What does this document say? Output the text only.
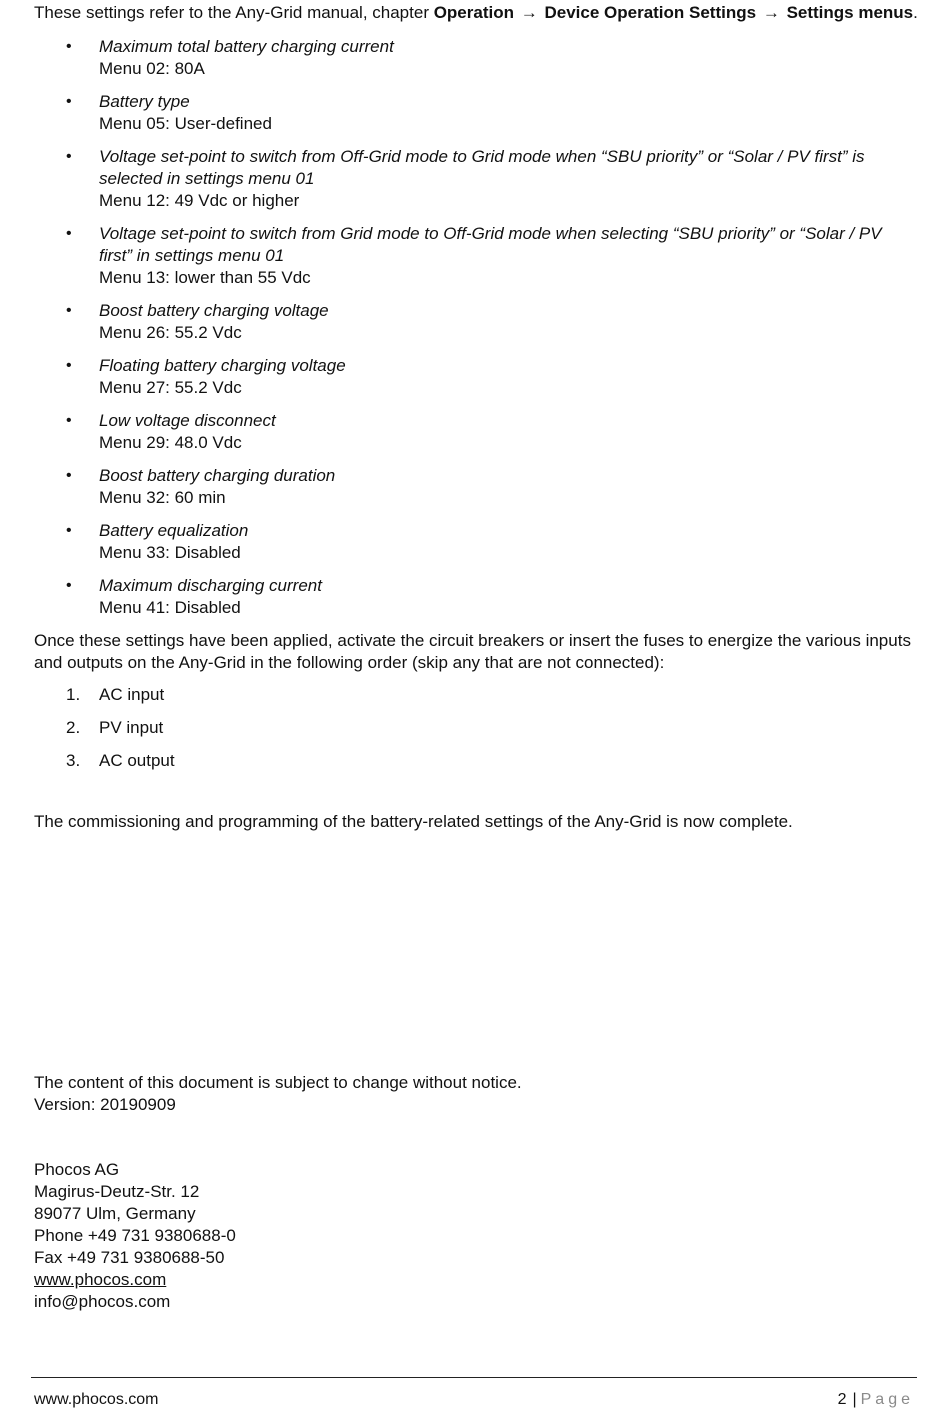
These settings refer to the Any-Grid manual, chapter Operation → Device Operation Settings → Settings menus.

• Maximum total battery charging current
Menu 02: 80A
• Battery type
Menu 05: User-defined
• Voltage set-point to switch from Off-Grid mode to Grid mode when “SBU priority” or “Solar / PV first” is selected in settings menu 01
Menu 12: 49 Vdc or higher
• Voltage set-point to switch from Grid mode to Off-Grid mode when selecting “SBU priority” or “Solar / PV first” in settings menu 01
Menu 13: lower than 55 Vdc
• Boost battery charging voltage
Menu 26: 55.2 Vdc
• Floating battery charging voltage
Menu 27: 55.2 Vdc
• Low voltage disconnect
Menu 29: 48.0 Vdc
• Boost battery charging duration
Menu 32: 60 min
• Battery equalization
Menu 33: Disabled
• Maximum discharging current
Menu 41: Disabled

Once these settings have been applied, activate the circuit breakers or insert the fuses to energize the various inputs and outputs on the Any-Grid in the following order (skip any that are not connected):

1. AC input
2. PV input
3. AC output

The commissioning and programming of the battery-related settings of the Any-Grid is now complete.

The content of this document is subject to change without notice.
Version: 20190909
Phocos AG
Magirus-Deutz-Str. 12
89077 Ulm, Germany
Phone +49 731 9380688-0
Fax +49 731 9380688-50
www.phocos.com
info@phocos.com
www.phocos.com	2 | Page
